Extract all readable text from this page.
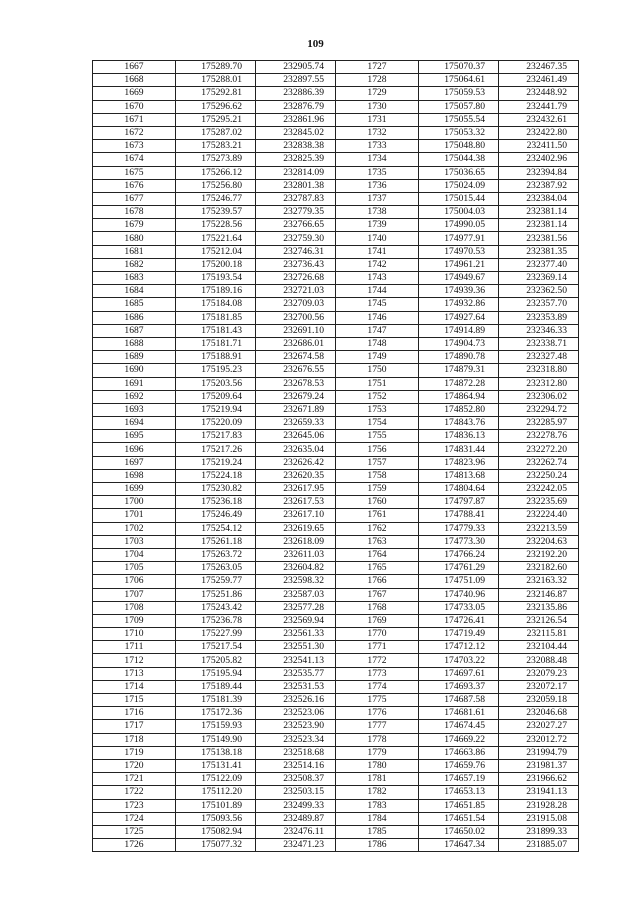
109
1667	175289.70	232905.74	1727	175070.37	232467.35
1668	175288.01	232897.55	1728	175064.61	232461.49
1669	175292.81	232886.39	1729	175059.53	232448.92
1670	175296.62	232876.79	1730	175057.80	232441.79
1671	175295.21	232861.96	1731	175055.54	232432.61
1672	175287.02	232845.02	1732	175053.32	232422.80
1673	175283.21	232838.38	1733	175048.80	232411.50
1674	175273.89	232825.39	1734	175044.38	232402.96
1675	175266.12	232814.09	1735	175036.65	232394.84
1676	175256.80	232801.38	1736	175024.09	232387.92
1677	175246.77	232787.83	1737	175015.44	232384.04
1678	175239.57	232779.35	1738	175004.03	232381.14
1679	175228.56	232766.65	1739	174990.05	232381.14
1680	175221.64	232759.30	1740	174977.91	232381.56
1681	175212.04	232746.31	1741	174970.53	232381.35
1682	175200.18	232736.43	1742	174961.21	232377.40
1683	175193.54	232726.68	1743	174949.67	232369.14
1684	175189.16	232721.03	1744	174939.36	232362.50
1685	175184.08	232709.03	1745	174932.86	232357.70
1686	175181.85	232700.56	1746	174927.64	232353.89
1687	175181.43	232691.10	1747	174914.89	232346.33
1688	175181.71	232686.01	1748	174904.73	232338.71
1689	175188.91	232674.58	1749	174890.78	232327.48
1690	175195.23	232676.55	1750	174879.31	232318.80
1691	175203.56	232678.53	1751	174872.28	232312.80
1692	175209.64	232679.24	1752	174864.94	232306.02
1693	175219.94	232671.89	1753	174852.80	232294.72
1694	175220.09	232659.33	1754	174843.76	232285.97
1695	175217.83	232645.06	1755	174836.13	232278.76
1696	175217.26	232635.04	1756	174831.44	232272.20
1697	175219.24	232626.42	1757	174823.96	232262.74
1698	175224.18	232620.35	1758	174813.68	232250.24
1699	175230.82	232617.95	1759	174804.64	232242.05
1700	175236.18	232617.53	1760	174797.87	232235.69
1701	175246.49	232617.10	1761	174788.41	232224.40
1702	175254.12	232619.65	1762	174779.33	232213.59
1703	175261.18	232618.09	1763	174773.30	232204.63
1704	175263.72	232611.03	1764	174766.24	232192.20
1705	175263.05	232604.82	1765	174761.29	232182.60
1706	175259.77	232598.32	1766	174751.09	232163.32
1707	175251.86	232587.03	1767	174740.96	232146.87
1708	175243.42	232577.28	1768	174733.05	232135.86
1709	175236.78	232569.94	1769	174726.41	232126.54
1710	175227.99	232561.33	1770	174719.49	232115.81
1711	175217.54	232551.30	1771	174712.12	232104.44
1712	175205.82	232541.13	1772	174703.22	232088.48
1713	175195.94	232535.77	1773	174697.61	232079.23
1714	175189.44	232531.53	1774	174693.37	232072.17
1715	175181.39	232526.16	1775	174687.58	232059.18
1716	175172.36	232523.06	1776	174681.61	232046.68
1717	175159.93	232523.90	1777	174674.45	232027.27
1718	175149.90	232523.34	1778	174669.22	232012.72
1719	175138.18	232518.68	1779	174663.86	231994.79
1720	175131.41	232514.16	1780	174659.76	231981.37
1721	175122.09	232508.37	1781	174657.19	231966.62
1722	175112.20	232503.15	1782	174653.13	231941.13
1723	175101.89	232499.33	1783	174651.85	231928.28
1724	175093.56	232489.87	1784	174651.54	231915.08
1725	175082.94	232476.11	1785	174650.02	231899.33
1726	175077.32	232471.23	1786	174647.34	231885.07
